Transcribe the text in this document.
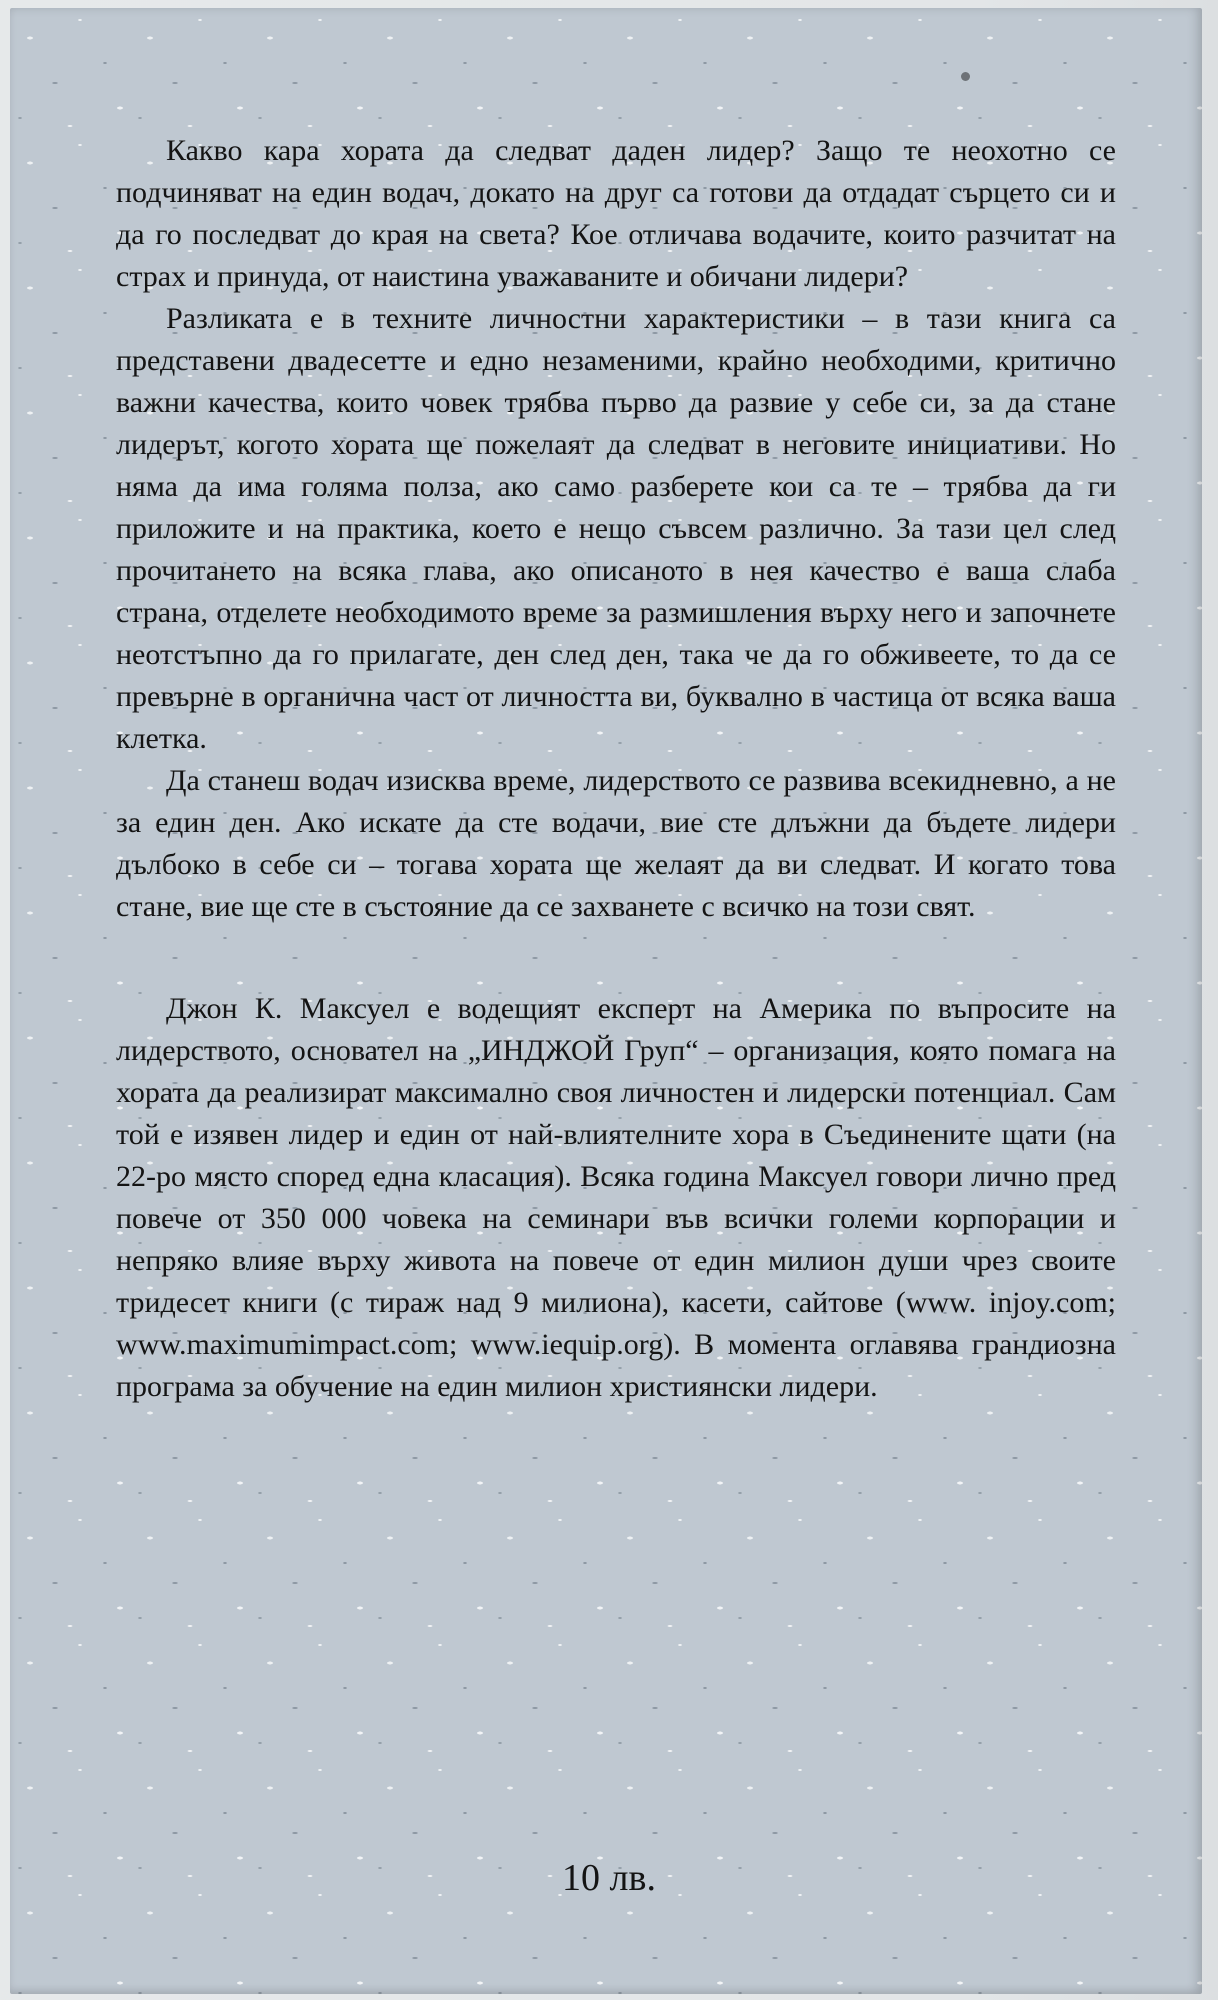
Какво кара хората да следват даден лидер? Защо те неохотно се подчиняват на един водач, докато на друг са готови да отдадат сърцето си и да го последват до края на света? Кое отличава водачите, които разчитат на страх и принуда, от наистина уважаваните и обичани лидери?

Разликата е в техните личностни характеристики – в тази книга са представени двадесетте и едно незаменими, крайно необходими, критично важни качества, които човек трябва първо да развие у себе си, за да стане лидерът, когото хората ще пожелаят да следват в неговите инициативи. Но няма да има голяма полза, ако само разберете кои са те – трябва да ги приложите и на практика, което е нещо съвсем различно. За тази цел след прочитането на всяка глава, ако описаното в нея качество е ваша слаба страна, отделете необходимото време за размишления върху него и започнете неотстъпно да го прилагате, ден след ден, така че да го обживеете, то да се превърне в органична част от личността ви, буквално в частица от всяка ваша клетка.

Да станеш водач изисква време, лидерството се развива всекидневно, а не за един ден. Ако искате да сте водачи, вие сте длъжни да бъдете лидери дълбоко в себе си – тогава хората ще желаят да ви следват. И когато това стане, вие ще сте в състояние да се захванете с всичко на този свят.

Джон К. Максуел е водещият експерт на Америка по въпросите на лидерството, основател на „ИНДЖОЙ Груп“ – организация, която помага на хората да реализират максимално своя личностен и лидерски потенциал. Сам той е изявен лидер и един от най-влиятелните хора в Съединените щати (на 22-ро място според една класация). Всяка година Максуел говори лично пред повече от 350 000 човека на семинари във всички големи корпорации и непряко влияе върху живота на повече от един милион души чрез своите тридесет книги (с тираж над 9 милиона), касети, сайтове (www. injoy.com; www.maximumimpact.com; www.iequip.org). В момента оглавява грандиозна програма за обучение на един милион християнски лидери.

10 лв.
